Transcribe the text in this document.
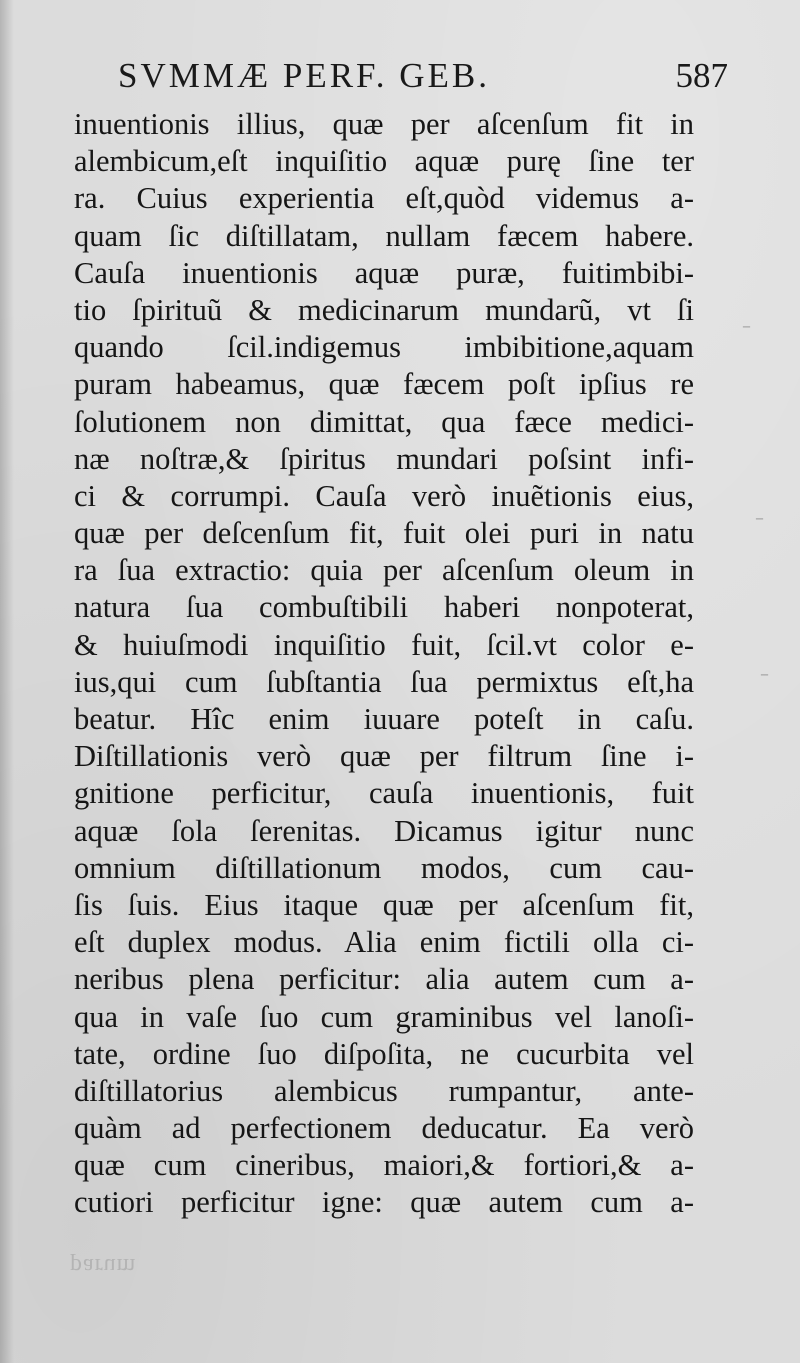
SVMMÆ PERF. GEB.	587
inuentionis illius, quæ per aſcenſum fit in
alembicum,eſt inquiſitio aquæ purę ſine ter
ra. Cuius experientia eſt,quòd videmus a-
quam ſic diſtillatam, nullam fæcem habere.
Cauſa inuentionis aquæ puræ, fuitimbibi-
tio ſpirituũ & medicinarum mundarũ, vt ſi
quando ſcil.indigemus imbibitione,aquam
puram habeamus, quæ fæcem poſt ipſius re
ſolutionem non dimittat, qua fæce medici-
næ noſtræ,& ſpiritus mundari poſsint infi-
ci & corrumpi. Cauſa verò inuẽtionis eius,
quæ per deſcenſum fit, fuit olei puri in natu
ra ſua extractio: quia per aſcenſum oleum in
natura ſua combuſtibili haberi nonpoterat,
& huiuſmodi inquiſitio fuit, ſcil.vt color e-
ius,qui cum ſubſtantia ſua permixtus eſt,ha
beatur. Hîc enim iuuare poteſt in caſu.
Diſtillationis verò quæ per filtrum ſine i-
gnitione perficitur, cauſa inuentionis, fuit
aquæ ſola ſerenitas. Dicamus igitur nunc
omnium diſtillationum modos, cum cau-
ſis ſuis. Eius itaque quæ per aſcenſum fit,
eſt duplex modus. Alia enim fictili olla ci-
neribus plena perficitur: alia autem cum a-
qua in vaſe ſuo cum graminibus vel lanoſi-
tate, ordine ſuo diſpoſita, ne cucurbita vel
diſtillatorius alembicus rumpantur, ante-
quàm ad perfectionem deducatur. Ea verò
quæ cum cineribus, maiori,& fortiori,& a-
cutiori perficitur igne: quæ autem cum a-
parum
–
–
–
